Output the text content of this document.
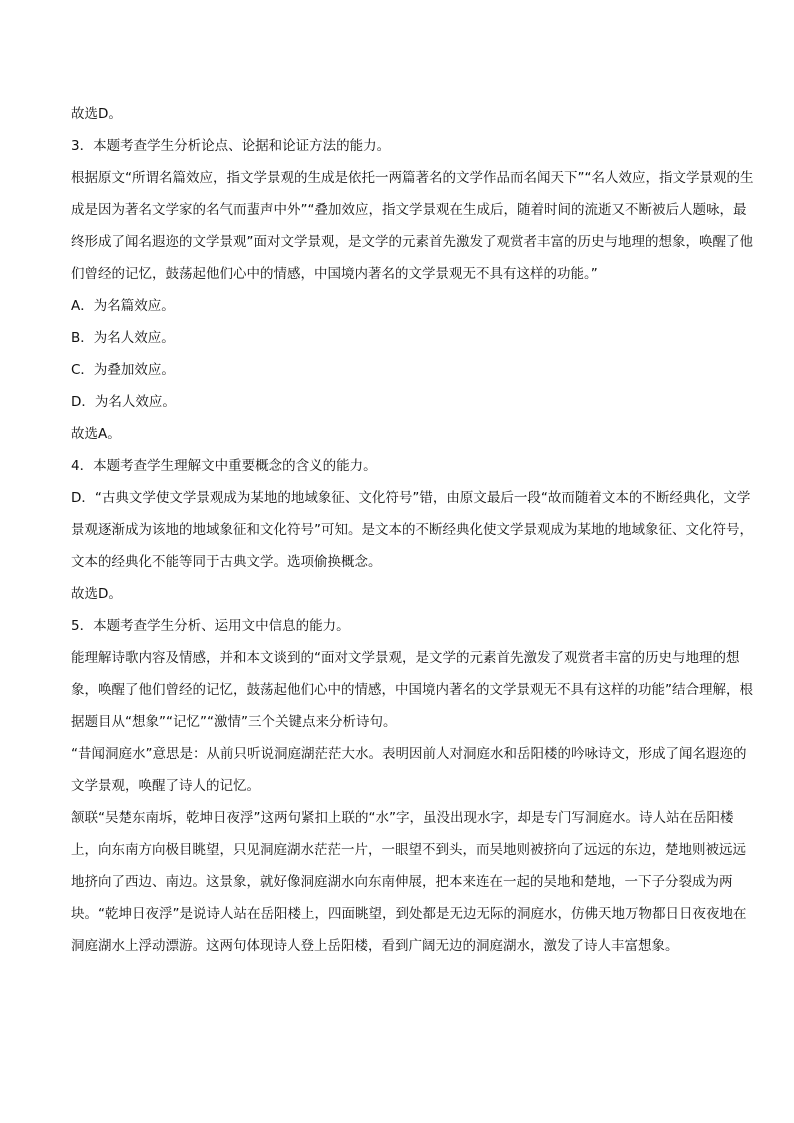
故选D。

3．本题考查学生分析论点、论据和论证方法的能力。

根据原文“所谓名篇效应，指文学景观的生成是依托一两篇著名的文学作品而名闻天下”“名人效应，指文学景观的生成是因为著名文学家的名气而蜚声中外”“叠加效应，指文学景观在生成后，随着时间的流逝又不断被后人题咏，最终形成了闻名遐迩的文学景观”面对文学景观，是文学的元素首先激发了观赏者丰富的历史与地理的想象，唤醒了他们曾经的记忆，鼓荡起他们心中的情感，中国境内著名的文学景观无不具有这样的功能。”

A．为名篇效应。

B．为名人效应。

C．为叠加效应。

D．为名人效应。

故选A。

4．本题考查学生理解文中重要概念的含义的能力。

D．“古典文学使文学景观成为某地的地域象征、文化符号”错，由原文最后一段“故而随着文本的不断经典化，文学景观逐渐成为该地的地域象征和文化符号”可知。是文本的不断经典化使文学景观成为某地的地域象征、文化符号，文本的经典化不能等同于古典文学。选项偷换概念。

故选D。

5．本题考查学生分析、运用文中信息的能力。

能理解诗歌内容及情感，并和本文谈到的“面对文学景观，是文学的元素首先激发了观赏者丰富的历史与地理的想象，唤醒了他们曾经的记忆，鼓荡起他们心中的情感，中国境内著名的文学景观无不具有这样的功能”结合理解，根据题目从“想象”“记忆”“激情”三个关键点来分析诗句。

“昔闻洞庭水”意思是：从前只听说洞庭湖茫茫大水。表明因前人对洞庭水和岳阳楼的吟咏诗文，形成了闻名遐迩的文学景观，唤醒了诗人的记忆。

颔联“吴楚东南坼，乾坤日夜浮”这两句紧扣上联的“水”字，虽没出现水字，却是专门写洞庭水。诗人站在岳阳楼上，向东南方向极目眺望，只见洞庭湖水茫茫一片，一眼望不到头，而吴地则被挤向了远远的东边，楚地则被远远地挤向了西边、南边。这景象，就好像洞庭湖水向东南伸展，把本来连在一起的吴地和楚地，一下子分裂成为两块。“乾坤日夜浮”是说诗人站在岳阳楼上，四面眺望，到处都是无边无际的洞庭水，仿佛天地万物都日日夜夜地在洞庭湖水上浮动漂游。这两句体现诗人登上岳阳楼，看到广阔无边的洞庭湖水，激发了诗人丰富想象。
